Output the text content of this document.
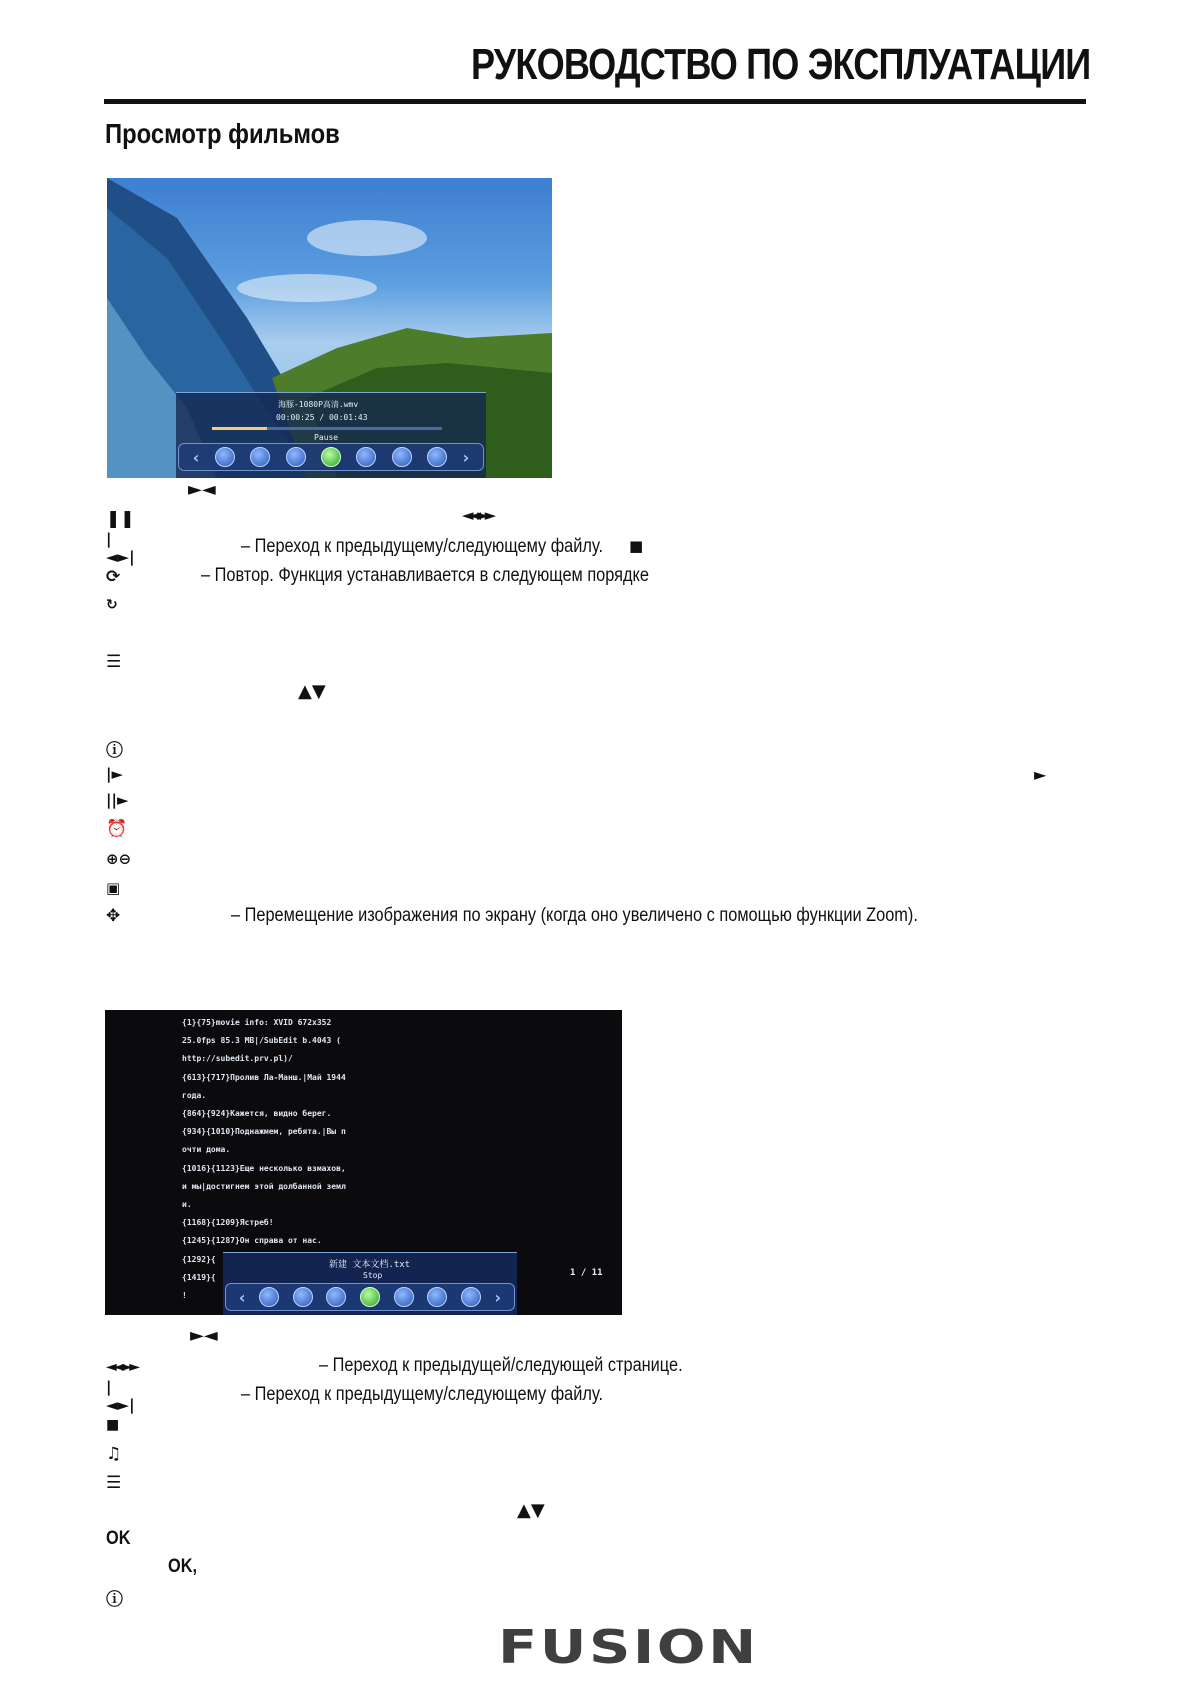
РУКОВОДСТВО ПО ЭКСПЛУАТАЦИИ
Просмотр фильмов
海豚-1080P高清.wmv
00:00:25 / 00:01:43
Pause
‹	›
►◄
❚❚	◄◄►►
|◄►|	– Переход к предыдущему/следующему файлу. ■
⟳	– Повтор. Функция устанавливается в следующем порядке
↻
☰
▲▼
ⓘ
|►	►
||►
⏰
⊕⊖
▣
✥	– Перемещение изображения по экрану (когда оно увеличено с помощью функции Zoom).
{1}{75}movie info: XVID 672x352
25.0fps 85.3 MB|/SubEdit b.4043 (
http://subedit.prv.pl)/
{613}{717}Пролив Ла-Манш.|Май 1944
года.
{864}{924}Кажется, видно берег.
{934}{1010}Поднажмем, ребята.|Вы п
очти дома.
{1016}{1123}Еще несколько взмахов,
и мы|достигнем этой долбанной земл
и.
{1168}{1209}Ястреб!
{1245}{1287}Он справа от нас.
{1292}{
{1419}{
!
新建 文本文档.txt
Stop
‹	›
1 / 11
►◄
◄◄►►	– Переход к предыдущей/следующей странице.
|◄►|	– Переход к предыдущему/следующему файлу.
■
♫
☰
▲▼
OK
OK,
ⓘ
FUSION
